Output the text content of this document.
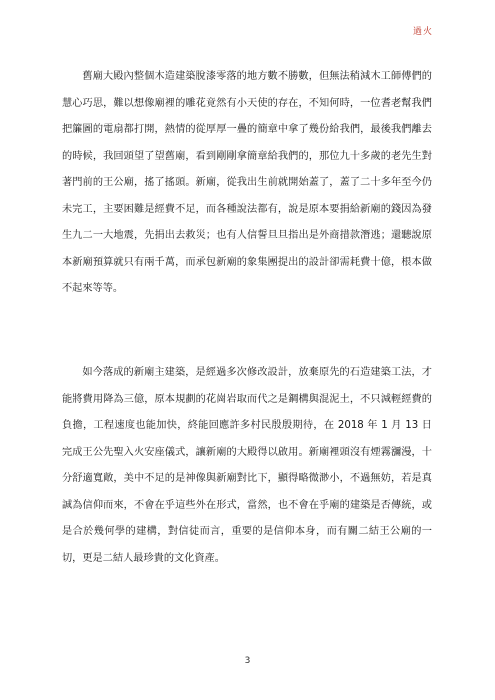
過火

舊廟大殿內整個木造建築脫漆零落的地方數不勝數，但無法稍減木工師傅們的慧心巧思，難以想像廟裡的雕花竟然有小天使的存在，不知何時，一位耆老幫我們把簾圖的電扇都打開，熱情的從厚厚一疊的簡章中拿了幾份給我們，最後我們離去的時候，我回頭望了望舊廟，看到剛剛拿簡章給我們的，那位九十多歲的老先生對著門前的王公廟，搖了搖頭。新廟，從我出生前就開始蓋了，蓋了二十多年至今仍未完工，主要困難是經費不足，而各種說法都有，說是原本要捐給新廟的錢因為發生九二一大地震，先捐出去救災；也有人信誓旦旦指出是外商措款潛逃；還聽說原本新廟預算就只有兩千萬，而承包新廟的象集團提出的設計卻需耗費十億，根本做不起來等等。

如今落成的新廟主建築，是經過多次修改設計，放棄原先的石造建築工法，才能將費用降為三億，原本規劃的花崗岩取而代之是鋼構與混泥土，不只減輕經費的負擔，工程速度也能加快，終能回應許多村民殷殷期待，在 2018 年 1 月 13 日完成王公先聖入火安座儀式，讓新廟的大殿得以啟用。新廟裡頭沒有煙霧瀰漫，十分舒適寬敞，美中不足的是神像與新廟對比下，顯得略微渺小，不過無妨，若是真誠為信仰而來，不會在乎這些外在形式，當然，也不會在乎廟的建築是否傳統，或是合於幾何學的建構，對信徒而言，重要的是信仰本身，而有關二結王公廟的一切，更是二結人最珍貴的文化資產。

3
